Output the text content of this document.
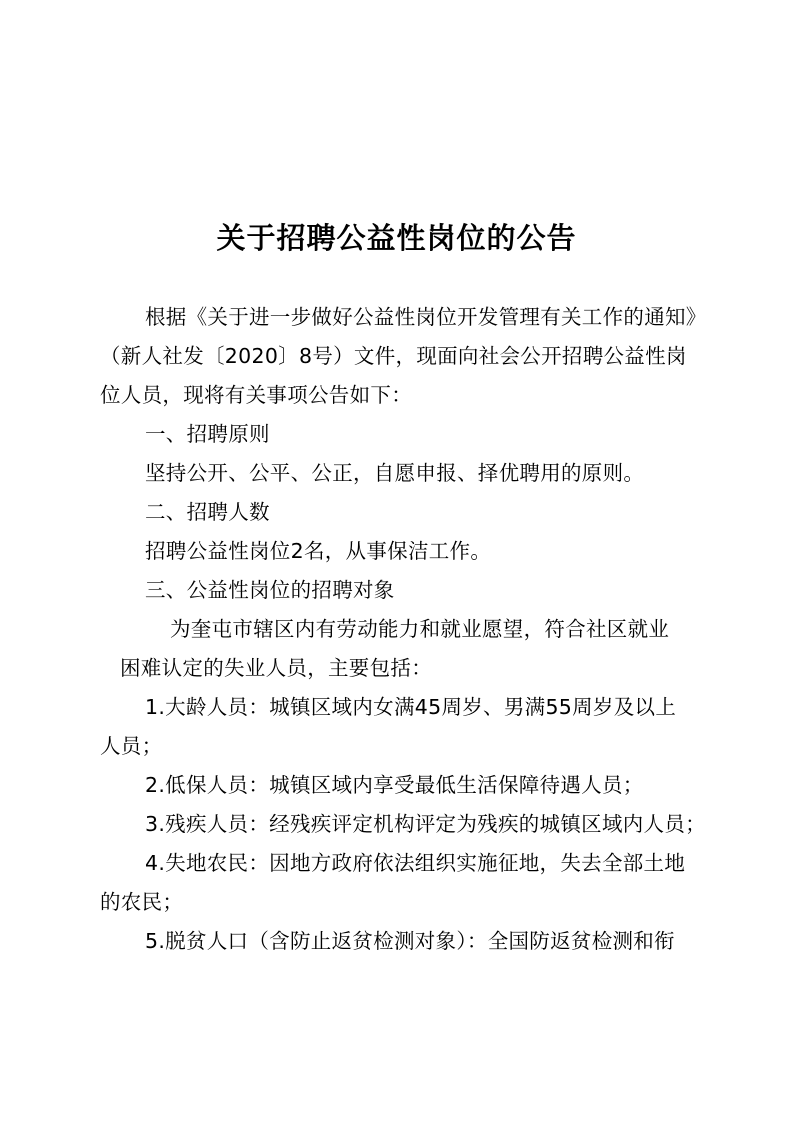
关于招聘公益性岗位的公告
根据《关于进一步做好公益性岗位开发管理有关工作的通知》
（新人社发〔2020〕8号）文件，现面向社会公开招聘公益性岗
位人员，现将有关事项公告如下：
一、招聘原则
坚持公开、公平、公正，自愿申报、择优聘用的原则。
二、招聘人数
招聘公益性岗位2名，从事保洁工作。
三、公益性岗位的招聘对象
为奎屯市辖区内有劳动能力和就业愿望，符合社区就业
困难认定的失业人员，主要包括：
1.大龄人员：城镇区域内女满45周岁、男满55周岁及以上
人员；
2.低保人员：城镇区域内享受最低生活保障待遇人员；
3.残疾人员：经残疾评定机构评定为残疾的城镇区域内人员；
4.失地农民：因地方政府依法组织实施征地，失去全部土地
的农民；
5.脱贫人口（含防止返贫检测对象）：全国防返贫检测和衔
